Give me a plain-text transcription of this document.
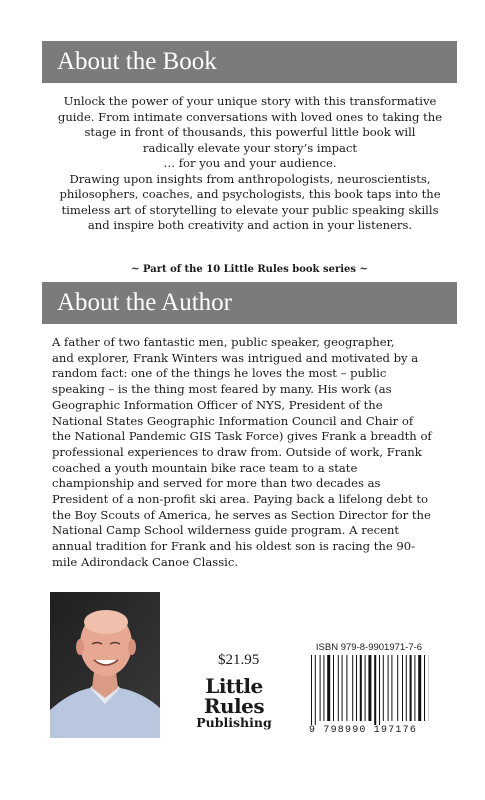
About the Book
Unlock the power of your unique story with this transformative
guide. From intimate conversations with loved ones to taking the
stage in front of thousands, this powerful little book will
radically elevate your story’s impact
… for you and your audience.
Drawing upon insights from anthropologists, neuroscientists,
philosophers, coaches, and psychologists, this book taps into the
timeless art of storytelling to elevate your public speaking skills
and inspire both creativity and action in your listeners.
~ Part of the 10 Little Rules book series ~
About the Author
A father of two fantastic men, public speaker, geographer,
and explorer, Frank Winters was intrigued and motivated by a
random fact: one of the things he loves the most – public
speaking – is the thing most feared by many. His work (as
Geographic Information Officer of NYS, President of the
National States Geographic Information Council and Chair of
the National Pandemic GIS Task Force) gives Frank a breadth of
professional experiences to draw from. Outside of work, Frank
coached a youth mountain bike race team to a state
championship and served for more than two decades as
President of a non-profit ski area. Paying back a lifelong debt to
the Boy Scouts of America, he serves as Section Director for the
National Camp School wilderness guide program. A recent
annual tradition for Frank and his oldest son is racing the 90-
mile Adirondack Canoe Classic.
$21.95
Little
Rules
Publishing
ISBN 979-8-9901971-7-6
9 798990 197176
